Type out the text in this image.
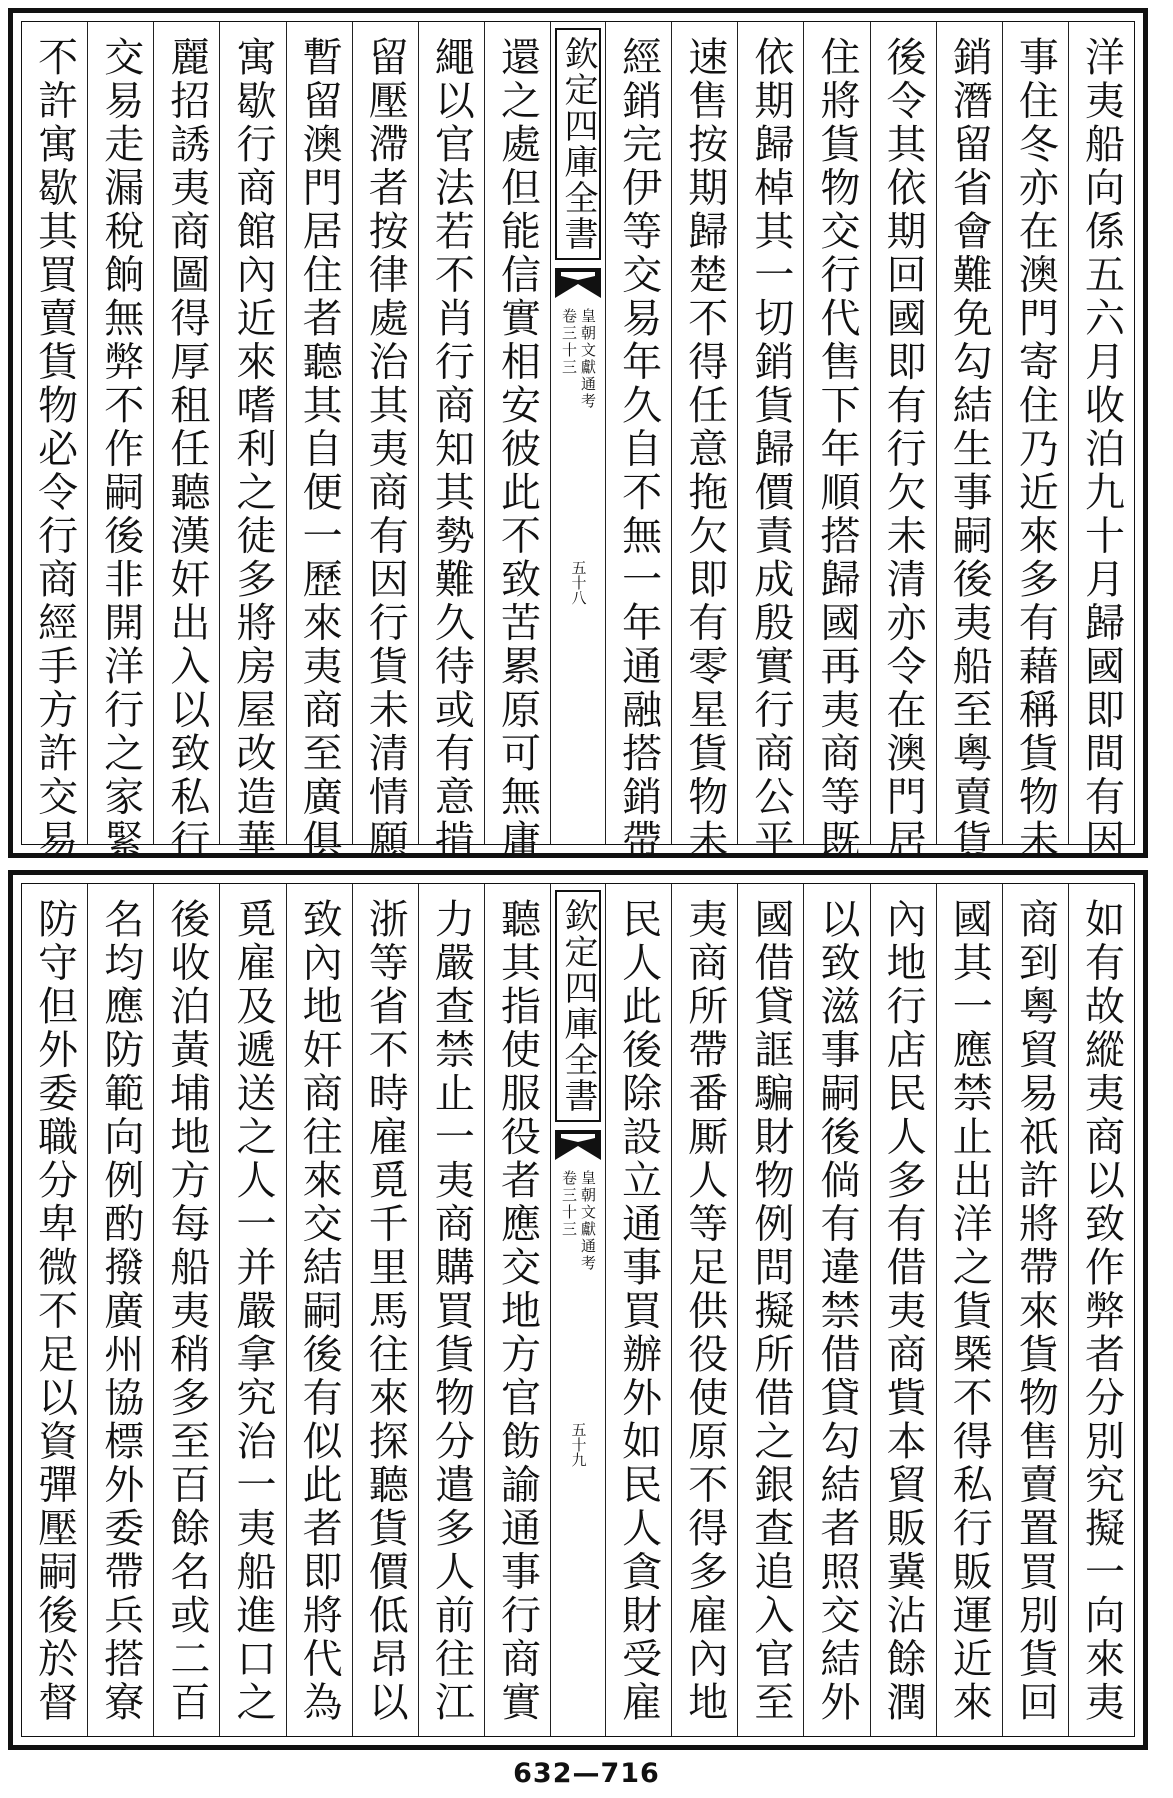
洋夷船向係五六月收泊九十月歸國即間有因
事住冬亦在澳門寄住乃近來多有藉稱貨物未
銷潛留省會難免勾結生事嗣後夷船至粵賣貨
後令其依期回國即有行欠未清亦令在澳門居
住將貨物交行代售下年順搭歸國再夷商等既
依期歸棹其一切銷貨歸價責成殷實行商公平
速售按期歸楚不得任意拖欠即有零星貨物未
經銷完伊等交易年久自不無一年通融搭銷帶
欽定四庫全書
皇朝文獻通考
卷三十三
五十八
還之處但能信實相安彼此不致苦累原可無庸
繩以官法若不肖行商知其勢難久待或有意掯
留壓滯者按律處治其夷商有因行貨未清情願
暫留澳門居住者聽其自便一歷來夷商至廣俱
寓歇行商館內近來嗜利之徒多將房屋改造華
麗招誘夷商圖得厚租任聽漢奸出入以致私行
交易走漏稅餉無弊不作嗣後非開洋行之家緊
不許寓歇其買賣貨物必令行商經手方許交易
如有故縱夷商以致作弊者分別究擬一向來夷
商到粵貿易祇許將帶來貨物售賣置買別貨回
國其一應禁止出洋之貨槩不得私行販運近來
內地行店民人多有借夷商貲本貿販冀沾餘潤
以致滋事嗣後倘有違禁借貸勾結者照交結外
國借貸誆騙財物例問擬所借之銀查追入官至
夷商所帶番厮人等足供役使原不得多雇內地
民人此後除設立通事買辦外如民人貪財受雇
欽定四庫全書
皇朝文獻通考
卷三十三
五十九
聽其指使服役者應交地方官飭諭通事行商實
力嚴查禁止一夷商購買貨物分遣多人前往江
浙等省不時雇覓千里馬往來探聽貨價低昂以
致內地奸商往來交結嗣後有似此者即將代為
覓雇及遞送之人一并嚴拿究治一夷船進口之
後收泊黃埔地方每船夷稍多至百餘名或二百
名均應防範向例酌撥廣州協標外委帶兵搭寮
防守但外委職分卑微不足以資彈壓嗣後於督
632—716
